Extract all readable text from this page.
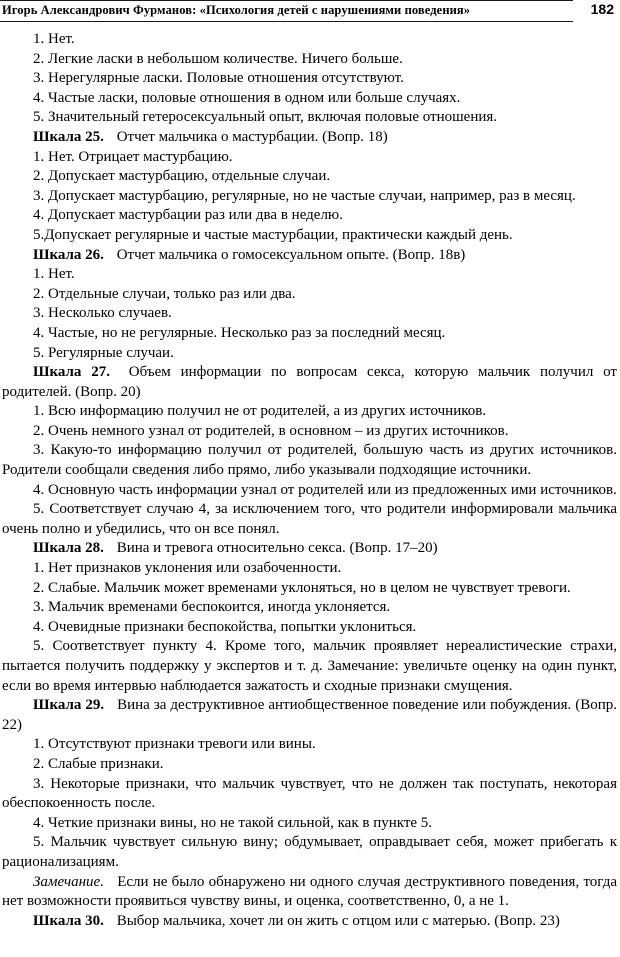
Игорь Александрович Фурманов: «Психология детей с нарушениями поведения»	182

1. Нет.

2. Легкие ласки в небольшом количестве. Ничего больше.

3. Нерегулярные ласки. Половые отношения отсутствуют.

4. Частые ласки, половые отношения в одном или больше случаях.

5. Значительный гетеросексуальный опыт, включая половые отношения.

Шкала 25. Отчет мальчика о мастурбации. (Вопр. 18)

1. Нет. Отрицает мастурбацию.

2. Допускает мастурбацию, отдельные случаи.

3. Допускает мастурбацию, регулярные, но не частые случаи, например, раз в месяц.

4. Допускает мастурбации раз или два в неделю.

5.Допускает регулярные и частые мастурбации, практически каждый день.

Шкала 26. Отчет мальчика о гомосексуальном опыте. (Вопр. 18в)

1. Нет.

2. Отдельные случаи, только раз или два.

3. Несколько случаев.

4. Частые, но не регулярные. Несколько раз за последний месяц.

5. Регулярные случаи.

Шкала 27. Объем информации по вопросам секса, которую мальчик получил от родителей. (Вопр. 20)

1. Всю информацию получил не от родителей, а из других источников.

2. Очень немного узнал от родителей, в основном – из других источников.

3. Какую-то информацию получил от родителей, большую часть из других источников. Родители сообщали сведения либо прямо, либо указывали подходящие источники.

4. Основную часть информации узнал от родителей или из предложенных ими источников.

5. Соответствует случаю 4, за исключением того, что родители информировали мальчика очень полно и убедились, что он все понял.

Шкала 28. Вина и тревога относительно секса. (Вопр. 17–20)

1. Нет признаков уклонения или озабоченности.

2. Слабые. Мальчик может временами уклоняться, но в целом не чувствует тревоги.

3. Мальчик временами беспокоится, иногда уклоняется.

4. Очевидные признаки беспокойства, попытки уклониться.

5. Соответствует пункту 4. Кроме того, мальчик проявляет нереалистические страхи, пытается получить поддержку у экспертов и т. д. Замечание: увеличьте оценку на один пункт, если во время интервью наблюдается зажатость и сходные признаки смущения.

Шкала 29. Вина за деструктивное антиобщественное поведение или побуждения. (Вопр. 22)

1. Отсутствуют признаки тревоги или вины.

2. Слабые признаки.

3. Некоторые признаки, что мальчик чувствует, что не должен так поступать, некоторая обеспокоенность после.

4. Четкие признаки вины, но не такой сильной, как в пункте 5.

5. Мальчик чувствует сильную вину; обдумывает, оправдывает себя, может прибегать к рационализациям.

Замечание. Если не было обнаружено ни одного случая деструктивного поведения, тогда нет возможности проявиться чувству вины, и оценка, соответственно, 0, а не 1.

Шкала 30. Выбор мальчика, хочет ли он жить с отцом или с матерью. (Вопр. 23)
